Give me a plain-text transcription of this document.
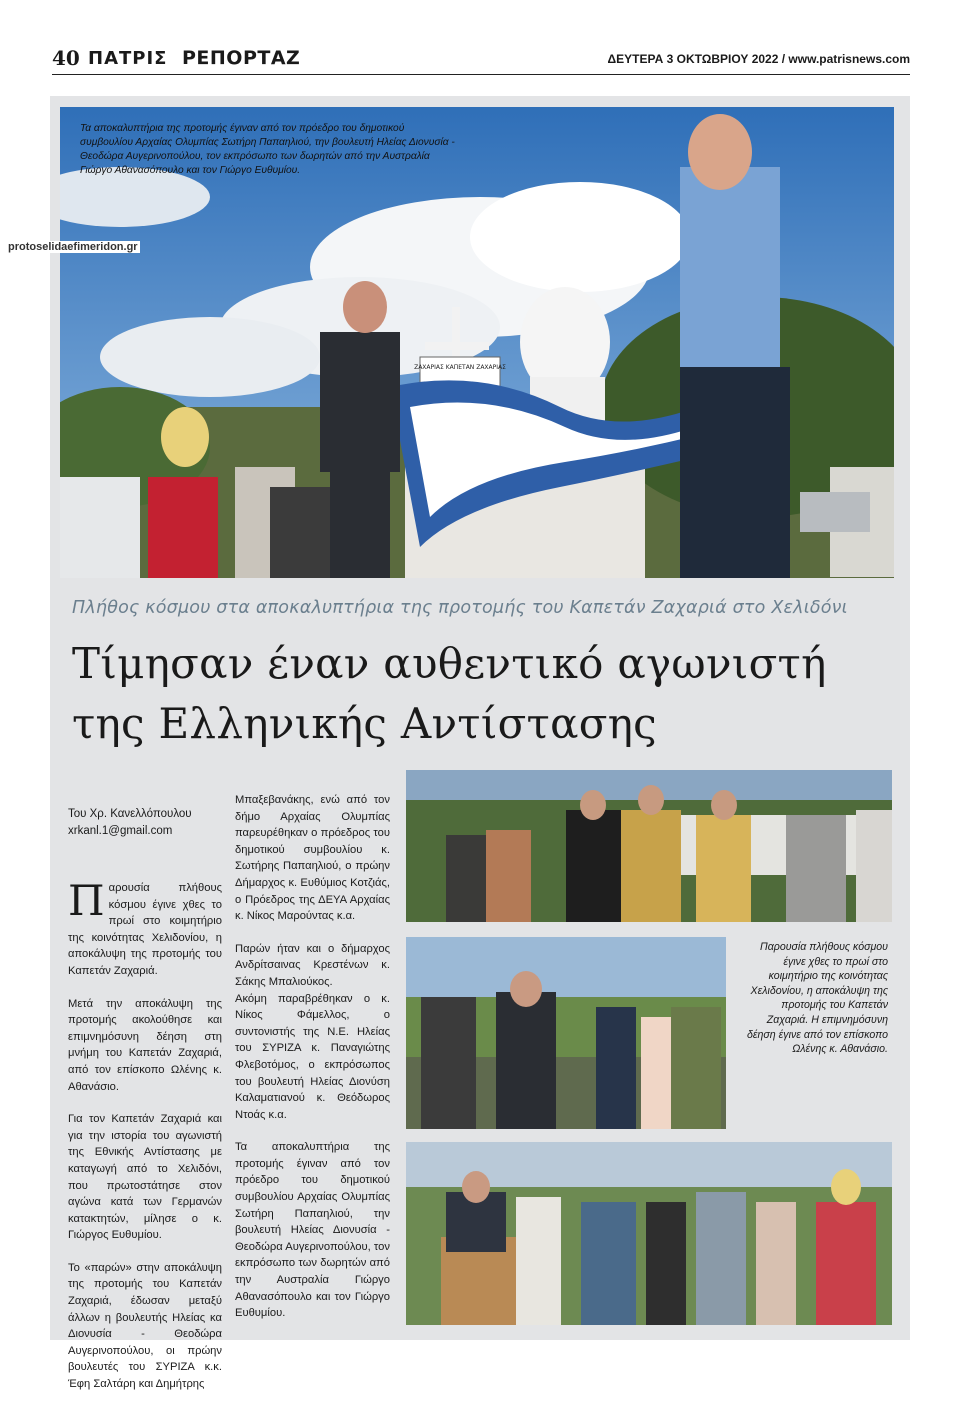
40 ΠΑΤΡΙΣ ΡΕΠΟΡΤΑΖ	ΔΕΥΤΕΡΑ 3 ΟΚΤΩΒΡΙΟΥ 2022 / www.patrisnews.com
ΖΑΧΑΡΙΑΣ ΚΑΠΕΤΑΝ ΖΑΧΑΡΙΑΣ
Τα αποκαλυπτήρια της προτομής έγιναν από τον πρόεδρο του δημοτικού συμβουλίου Αρχαίας Ολυμπίας Σωτήρη Παπαηλιού, την βουλευτή Ηλείας Διονυσία - Θεοδώρα Αυγερινοπούλου, τον εκπρόσωπο των δωρητών από την Αυστραλία Γιώργο Αθανασόπουλο και τον Γιώργο Ευθυμίου.
protoselidaefimeridon.gr
Πλήθος κόσμου στα αποκαλυπτήρια της προτομής του Καπετάν Ζαχαριά στο Χελιδόνι
Τίμησαν έναν αυθεντικό αγωνιστή
της Ελληνικής Αντίστασης
Του Χρ. Κανελλόπουλου
xrkanl.1@gmail.com

Παρουσία πλήθους κόσμου έγινε χθες το πρωί στο κοιμητήριο της κοινότητας Χελιδονίου, η αποκάλυψη της προτομής του Καπετάν Ζαχαριά.

Μετά την αποκάλυψη της προτομής ακολούθησε και επιμνημόσυνη δέηση στη μνήμη του Καπετάν Ζαχαριά, από τον επίσκοπο Ωλένης κ. Αθανάσιο.

Για τον Καπετάν Ζαχαριά και για την ιστορία του αγωνιστή της Εθνικής Αντίστασης με καταγωγή από το Χελιδόνι, που πρωτοστάτησε στον αγώνα κατά των Γερμανών κατακτητών, μίλησε ο κ. Γιώργος Ευθυμίου.

Το «παρών» στην αποκάλυψη της προτομής του Καπετάν Ζαχαριά, έδωσαν μεταξύ άλλων η βουλευτής Ηλείας κα Διονυσία - Θεοδώρα Αυγερινοπούλου, οι πρώην βουλευτές του ΣΥΡΙΖΑ κ.κ. Έφη Σαλτάρη και Δημήτρης

Μπαξεβανάκης, ενώ από τον δήμο Αρχαίας Ολυμπίας παρευρέθηκαν ο πρόεδρος του δημοτικού συμβουλίου κ. Σωτήρης Παπαηλιού, ο πρώην Δήμαρχος κ. Ευθύμιος Κοτζιάς, ο Πρόεδρος της ΔΕΥΑ Αρχαίας κ. Νίκος Μαρούντας κ.α.

Παρών ήταν και ο δήμαρχος Ανδρίτσαινας Κρεστένων κ. Σάκης Μπαλιούκος.

Ακόμη παραβρέθηκαν ο κ. Νίκος Φάμελλος, ο συντονιστής της Ν.Ε. Ηλείας του ΣΥΡΙΖΑ κ. Παναγιώτης Φλεβοτόμος, ο εκπρόσωπος του βουλευτή Ηλείας Διονύση Καλαματιανού κ. Θεόδωρος Ντοάς κ.α.

Τα αποκαλυπτήρια της προτομής έγιναν από τον πρόεδρο του δημοτικού συμβουλίου Αρχαίας Ολυμπίας Σωτήρη Παπαηλιού, την βουλευτή Ηλείας Διονυσία - Θεοδώρα Αυγερινοπούλου, τον εκπρόσωπο των δωρητών από την Αυστραλία Γιώργο Αθανασόπουλο και τον Γιώργο Ευθυμίου.

Παρουσία πλήθους κόσμου έγινε χθες το πρωί στο κοιμητήριο της κοινότητας Χελιδονίου, η αποκάλυψη της προτομής του Καπετάν Ζαχαριά. Η επιμνημόσυνη δέηση έγινε από τον επίσκοπο Ωλένης κ. Αθανάσιο.
